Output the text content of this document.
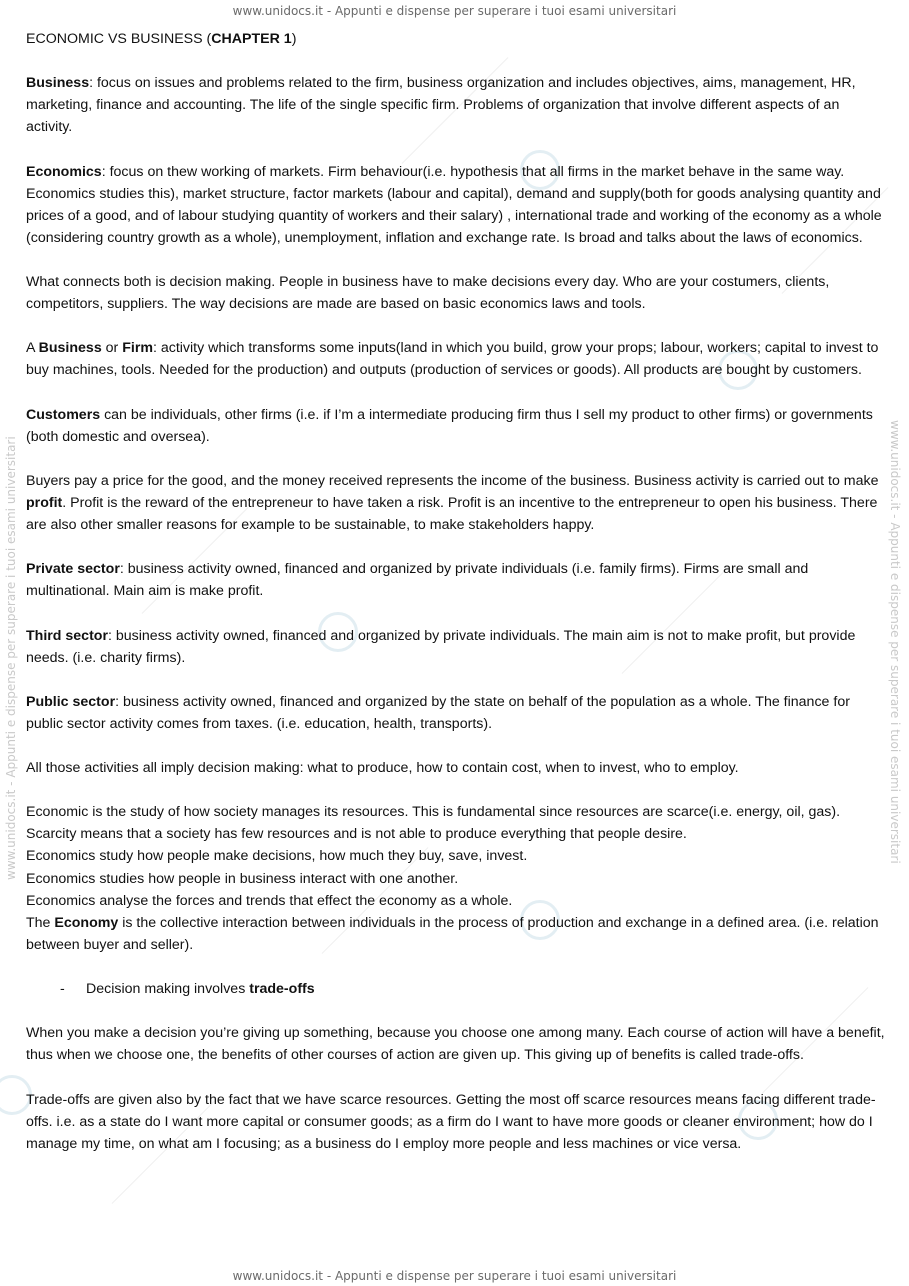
www.unidocs.it - Appunti e dispense per superare i tuoi esami universitari
www.unidocs.it - Appunti e dispense per superare i tuoi esami universitari
www.unidocs.it - Appunti e dispense per superare i tuoi esami universitari	www.unidocs.it - Appunti e dispense per superare i tuoi esami universitari

ECONOMIC VS BUSINESS (CHAPTER 1)

Business: focus on issues and problems related to the firm, business organization and includes objectives, aims, management, HR, marketing, finance and accounting. The life of the single specific firm. Problems of organization that involve different aspects of an activity.

Economics: focus on thew working of markets. Firm behaviour(i.e. hypothesis that all firms in the market behave in the same way. Economics studies this), market structure, factor markets (labour and capital), demand and supply(both for goods analysing quantity and prices of a good, and of labour studying quantity of workers and their salary) , international trade and working of the economy as a whole (considering country growth as a whole), unemployment, inflation and exchange rate. Is broad and talks about the laws of economics.

What connects both is decision making. People in business have to make decisions every day. Who are your costumers, clients, competitors, suppliers. The way decisions are made are based on basic economics laws and tools.

A Business or Firm: activity which transforms some inputs(land in which you build, grow your props; labour, workers; capital to invest to buy machines, tools. Needed for the production) and outputs (production of services or goods). All products are bought by customers.

Customers can be individuals, other firms (i.e. if I’m a intermediate producing firm thus I sell my product to other firms) or governments (both domestic and oversea).

Buyers pay a price for the good, and the money received represents the income of the business. Business activity is carried out to make profit. Profit is the reward of the entrepreneur to have taken a risk. Profit is an incentive to the entrepreneur to open his business. There are also other smaller reasons for example to be sustainable, to make stakeholders happy.

Private sector: business activity owned, financed and organized by private individuals (i.e. family firms). Firms are small and multinational. Main aim is make profit.

Third sector: business activity owned, financed and organized by private individuals. The main aim is not to make profit, but provide needs. (i.e. charity firms).

Public sector: business activity owned, financed and organized by the state on behalf of the population as a whole. The finance for public sector activity comes from taxes. (i.e. education, health, transports).

All those activities all imply decision making: what to produce, how to contain cost, when to invest, who to employ.

Economic is the study of how society manages its resources. This is fundamental since resources are scarce(i.e. energy, oil, gas). Scarcity means that a society has few resources and is not able to produce everything that people desire.

Economics study how people make decisions, how much they buy, save, invest.

Economics studies how people in business interact with one another.

Economics analyse the forces and trends that effect the economy as a whole.

The Economy is the collective interaction between individuals in the process of production and exchange in a defined area. (i.e. relation between buyer and seller).

- Decision making involves trade-offs

When you make a decision you’re giving up something, because you choose one among many. Each course of action will have a benefit, thus when we choose one, the benefits of other courses of action are given up. This giving up of benefits is called trade-offs.

Trade-offs are given also by the fact that we have scarce resources. Getting the most off scarce resources means facing different trade-offs. i.e. as a state do I want more capital or consumer goods; as a firm do I want to have more goods or cleaner environment; how do I manage my time, on what am I focusing; as a business do I employ more people and less machines or vice versa.
